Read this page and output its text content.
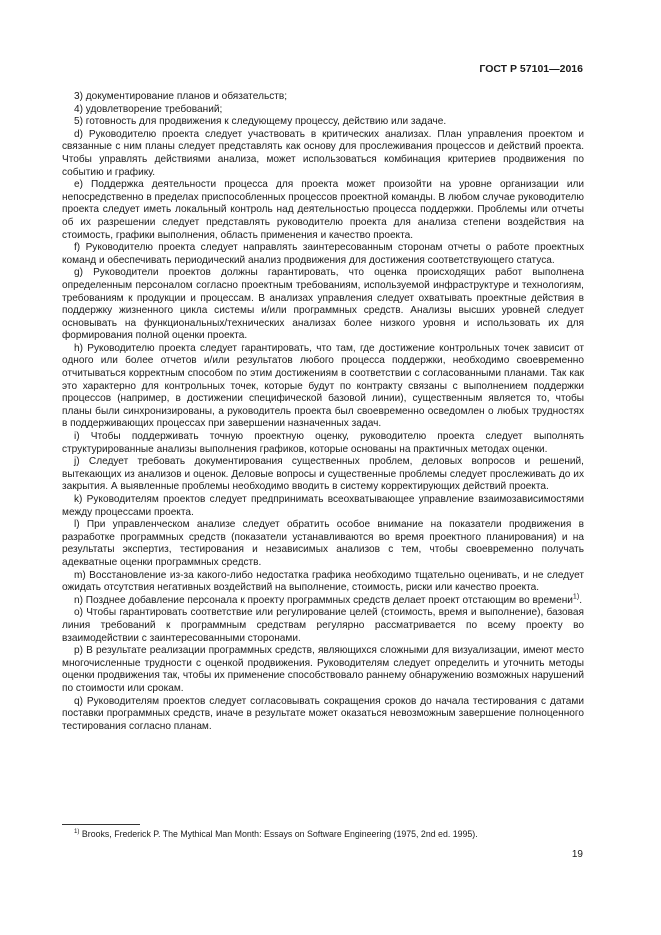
ГОСТ Р 57101—2016

3) документирование планов и обязательств;

4) удовлетворение требований;

5) готовность для продвижения к следующему процессу, действию или задаче.

d) Руководителю проекта следует участвовать в критических анализах. План управления проектом и связанные с ним планы следует представлять как основу для прослеживания процессов и действий проекта. Чтобы управлять действиями анализа, может использоваться комбинация критериев продвижения по событию и графику.

e) Поддержка деятельности процесса для проекта может произойти на уровне организации или непосредственно в пределах приспособленных процессов проектной команды. В любом случае руководителю проекта следует иметь локальный контроль над деятельностью процесса поддержки. Проблемы или отчеты об их разрешении следует представлять руководителю проекта для анализа степени воздействия на стоимость, графики выполнения, область применения и качество проекта.

f) Руководителю проекта следует направлять заинтересованным сторонам отчеты о работе проектных команд и обеспечивать периодический анализ продвижения для достижения соответствующего статуса.

g) Руководители проектов должны гарантировать, что оценка происходящих работ выполнена определенным персоналом согласно проектным требованиям, используемой инфраструктуре и технологиям, требованиям к продукции и процессам. В анализах управления следует охватывать проектные действия в поддержку жизненного цикла системы и/или программных средств. Анализы высших уровней следует основывать на функциональных/технических анализах более низкого уровня и использовать их для формирования полной оценки проекта.

h) Руководителю проекта следует гарантировать, что там, где достижение контрольных точек зависит от одного или более отчетов и/или результатов любого процесса поддержки, необходимо своевременно отчитываться корректным способом по этим достижениям в соответствии с согласованными планами. Так как это характерно для контрольных точек, которые будут по контракту связаны с выполнением поддержки процессов (например, в достижении специфической базовой линии), существенным является то, чтобы планы были синхронизированы, а руководитель проекта был своевременно осведомлен о любых трудностях в поддерживающих процессах при завершении назначенных задач.

i) Чтобы поддерживать точную проектную оценку, руководителю проекта следует выполнять структурированные анализы выполнения графиков, которые основаны на практичных методах оценки.

j) Следует требовать документирования существенных проблем, деловых вопросов и решений, вытекающих из анализов и оценок. Деловые вопросы и существенные проблемы следует прослеживать до их закрытия. А выявленные проблемы необходимо вводить в систему корректирующих действий проекта.

k) Руководителям проектов следует предпринимать всеохватывающее управление взаимозависимостями между процессами проекта.

l) При управленческом анализе следует обратить особое внимание на показатели продвижения в разработке программных средств (показатели устанавливаются во время проектного планирования) и на результаты экспертиз, тестирования и независимых анализов с тем, чтобы своевременно получать адекватные оценки программных средств.

m) Восстановление из-за какого-либо недостатка графика необходимо тщательно оценивать, и не следует ожидать отсутствия негативных воздействий на выполнение, стоимость, риски или качество проекта.

n) Позднее добавление персонала к проекту программных средств делает проект отстающим во времени$^{1)}$.

o) Чтобы гарантировать соответствие или регулирование целей (стоимость, время и выполнение), базовая линия требований к программным средствам регулярно рассматривается по всему проекту во взаимодействии с заинтересованными сторонами.

p) В результате реализации программных средств, являющихся сложными для визуализации, имеют место многочисленные трудности с оценкой продвижения. Руководителям следует определить и уточнить методы оценки продвижения так, чтобы их применение способствовало раннему обнаружению возможных нарушений по стоимости или срокам.

q) Руководителям проектов следует согласовывать сокращения сроков до начала тестирования с датами поставки программных средств, иначе в результате может оказаться невозможным завершение полноценного тестирования согласно планам.

$^{1)}$ Brooks, Frederick P. The Mythical Man Month: Essays on Software Engineering (1975, 2nd ed. 1995).
19
